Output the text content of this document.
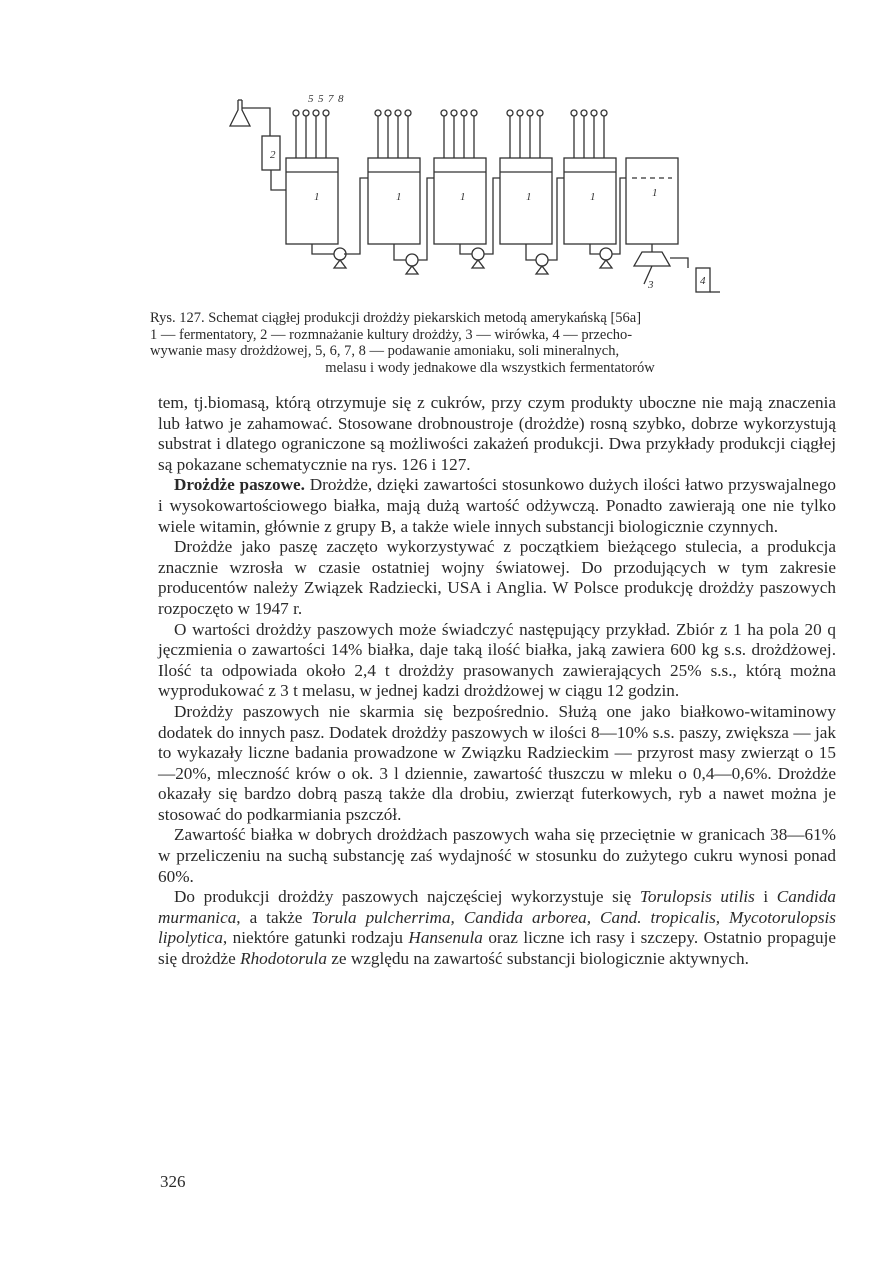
5 5 7 8
2
1	1	1	1	1	1
3	4
Rys. 127. Schemat ciągłej produkcji drożdży piekarskich metodą amerykańską [56a]
1 — fermentatory, 2 — rozmnażanie kultury drożdży, 3 — wirówka, 4 — przecho-
wywanie masy drożdżowej, 5, 6, 7, 8 — podawanie amoniaku, soli mineralnych,
melasu i wody jednakowe dla wszystkich fermentatorów

tem, tj.biomasą, którą otrzymuje się z cukrów, przy czym produkty uboczne nie mają znaczenia lub łatwo je zahamować. Stosowane drobnoustroje (drożdże) rosną szybko, dobrze wykorzystują substrat i dlatego ograniczone są możliwości zakażeń produkcji. Dwa przykłady produkcji ciągłej są pokazane schematycznie na rys. 126 i 127.

Drożdże paszowe. Drożdże, dzięki zawartości stosunkowo dużych ilości łatwo przyswajalnego i wysokowartościowego białka, mają dużą wartość odżywczą. Ponadto zawierają one nie tylko wiele witamin, głównie z grupy B, a także wiele innych substancji biologicznie czynnych.

Drożdże jako paszę zaczęto wykorzystywać z początkiem bieżącego stulecia, a produkcja znacznie wzrosła w czasie ostatniej wojny światowej. Do przodujących w tym zakresie producentów należy Związek Radziecki, USA i Anglia. W Polsce produkcję drożdży paszowych rozpoczęto w 1947 r.

O wartości drożdży paszowych może świadczyć następujący przykład. Zbiór z 1 ha pola 20 q jęczmienia o zawartości 14% białka, daje taką ilość białka, jaką zawiera 600 kg s.s. drożdżowej. Ilość ta odpowiada około 2,4 t drożdży prasowanych zawierających 25% s.s., którą można wyprodukować z 3 t melasu, w jednej kadzi drożdżowej w ciągu 12 godzin.

Drożdży paszowych nie skarmia się bezpośrednio. Służą one jako białkowo-witaminowy dodatek do innych pasz. Dodatek drożdży paszowych w ilości 8—10% s.s. paszy, zwiększa — jak to wykazały liczne badania prowadzone w Związku Radzieckim — przyrost masy zwierząt o 15—20%, mleczność krów o ok. 3 l dziennie, zawartość tłuszczu w mleku o 0,4—0,6%. Drożdże okazały się bardzo dobrą paszą także dla drobiu, zwierząt futerkowych, ryb a nawet można je stosować do podkarmiania pszczół.

Zawartość białka w dobrych drożdżach paszowych waha się przeciętnie w granicach 38—61% w przeliczeniu na suchą substancję zaś wydajność w stosunku do zużytego cukru wynosi ponad 60%.

Do produkcji drożdży paszowych najczęściej wykorzystuje się Torulopsis utilis i Candida murmanica, a także Torula pulcherrima, Candida arborea, Cand. tropicalis, Mycotorulopsis lipolytica, niektóre gatunki rodzaju Hansenula oraz liczne ich rasy i szczepy. Ostatnio propaguje się drożdże Rhodotorula ze względu na zawartość substancji biologicznie aktywnych.

326
